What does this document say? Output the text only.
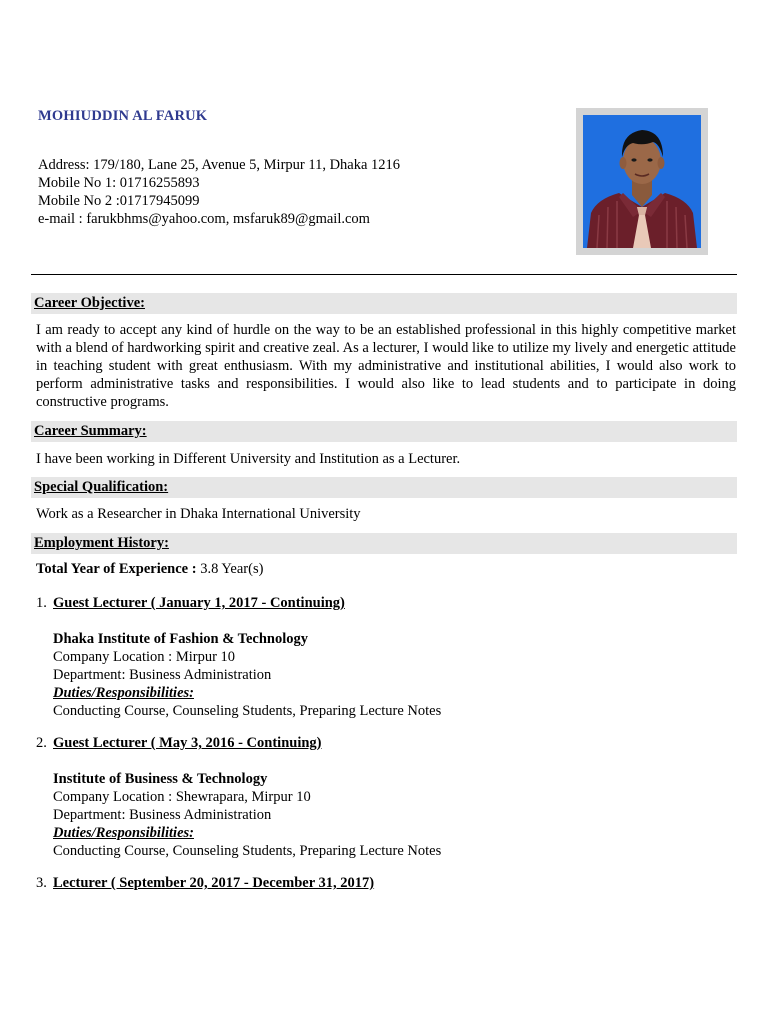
MOHIUDDIN AL FARUK
Address: 179/180, Lane 25, Avenue 5, Mirpur 11, Dhaka 1216
Mobile No 1: 01716255893
Mobile No 2 :01717945099
e-mail : farukbhms@yahoo.com, msfaruk89@gmail.com
Career Objective:
I am ready to accept any kind of hurdle on the way to be an established professional in this highly competitive market with a blend of hardworking spirit and creative zeal. As a lecturer, I would like to utilize my lively and energetic attitude in teaching student with great enthusiasm. With my administrative and institutional abilities, I would also work to perform administrative tasks and responsibilities. I would also like to lead students and to participate in doing constructive programs.
Career Summary:
I have been working in Different University and Institution as a Lecturer.
Special Qualification:
Work as a Researcher in Dhaka International University
Employment History:
Total Year of Experience : 3.8 Year(s)
1. Guest Lecturer ( January 1, 2017 - Continuing)
Dhaka Institute of Fashion & Technology
Company Location : Mirpur 10
Department: Business Administration
Duties/Responsibilities:
Conducting Course, Counseling Students, Preparing Lecture Notes
2. Guest Lecturer ( May 3, 2016 - Continuing)
Institute of Business & Technology
Company Location : Shewrapara, Mirpur 10
Department: Business Administration
Duties/Responsibilities:
Conducting Course, Counseling Students, Preparing Lecture Notes
3. Lecturer ( September 20, 2017 - December 31, 2017)
